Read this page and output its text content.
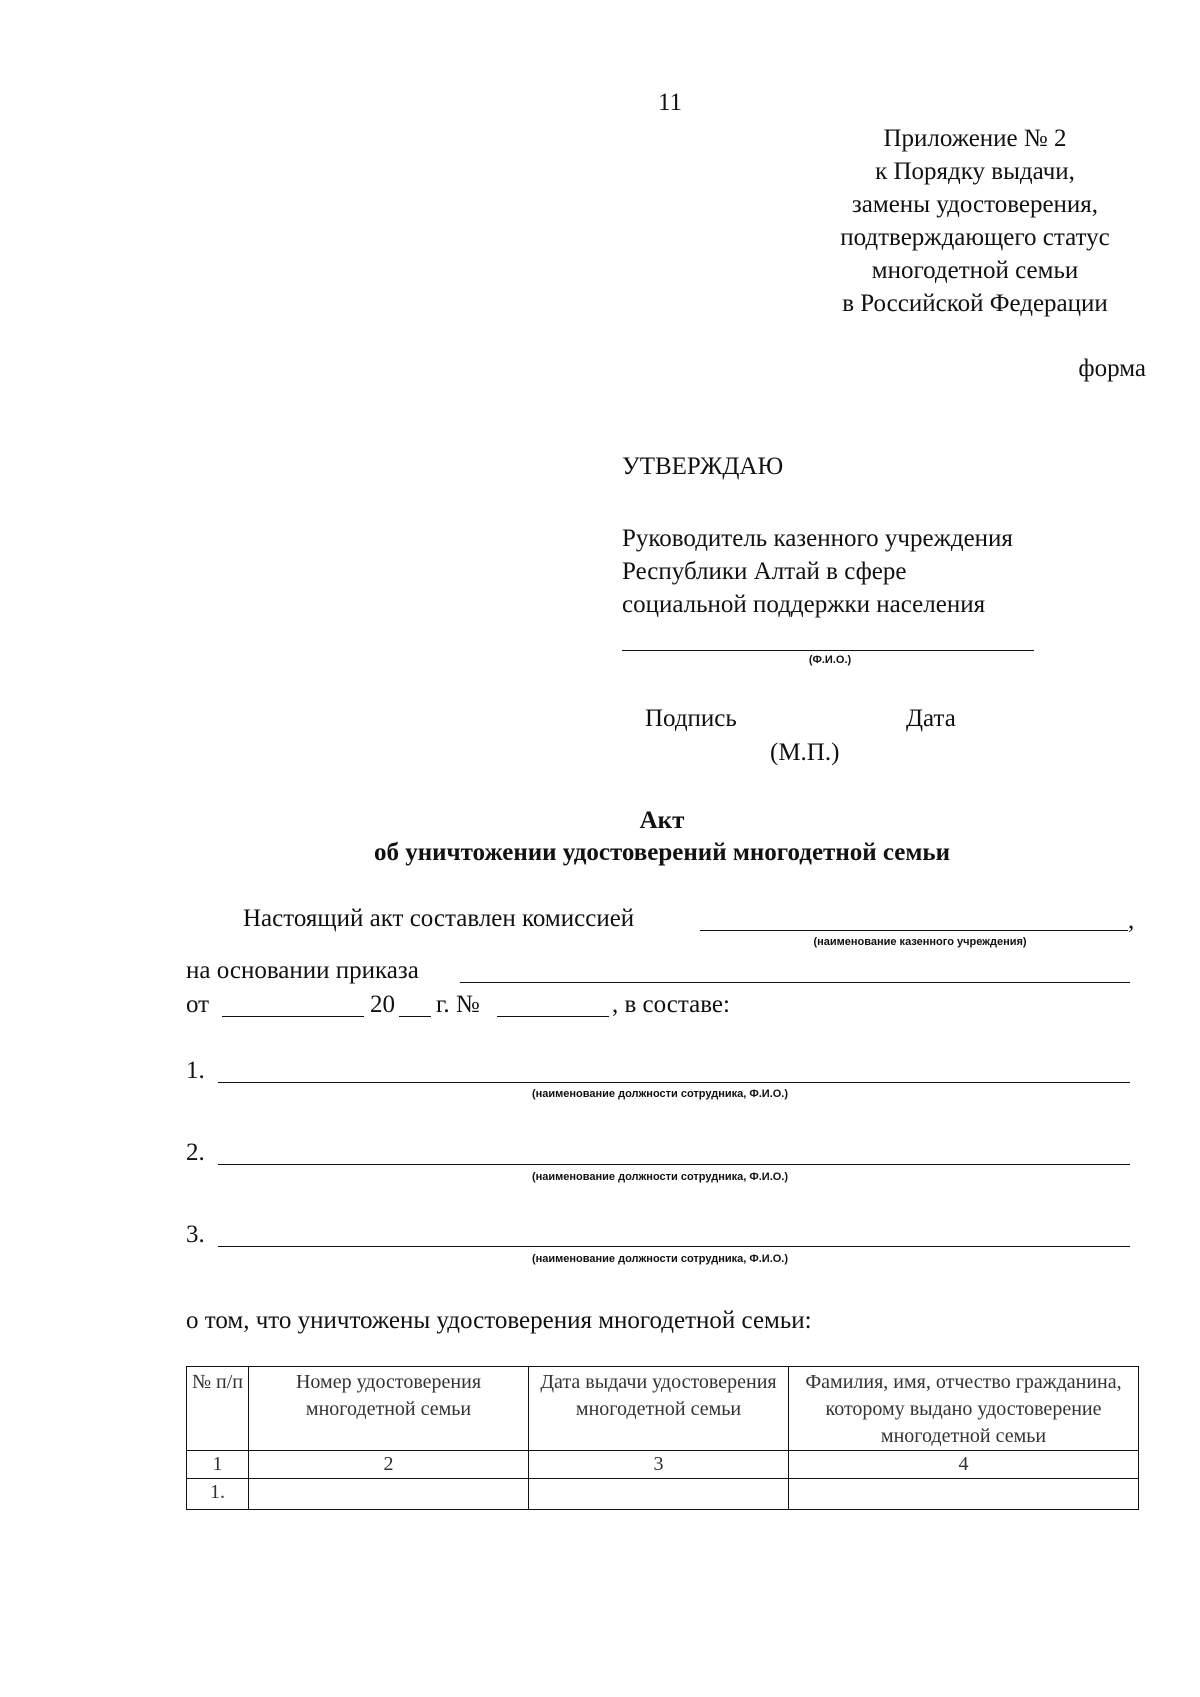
11
Приложение № 2
к Порядку выдачи,
замены удостоверения,
подтверждающего статус
многодетной семьи
в Российской Федерации
форма
УТВЕРЖДАЮ
Руководитель казенного учреждения
Республики Алтай в сфере
социальной поддержки населения
(Ф.И.О.)
Подпись	Дата
(М.П.)
Акт
об уничтожении удостоверений многодетной семьи
Настоящий акт составлен комиссией	,
(наименование казенного учреждения)
на основании приказа
от	20 г. №	, в составе:
1.
(наименование должности сотрудника, Ф.И.О.)
2.
(наименование должности сотрудника, Ф.И.О.)
3.
(наименование должности сотрудника, Ф.И.О.)
о том, что уничтожены удостоверения многодетной семьи:
№ п/п	Номер удостоверения многодетной семьи	Дата выдачи удостоверения многодетной семьи	Фамилия, имя, отчество гражданина, которому выдано удостоверение многодетной семьи
1	2	3	4
1.			
